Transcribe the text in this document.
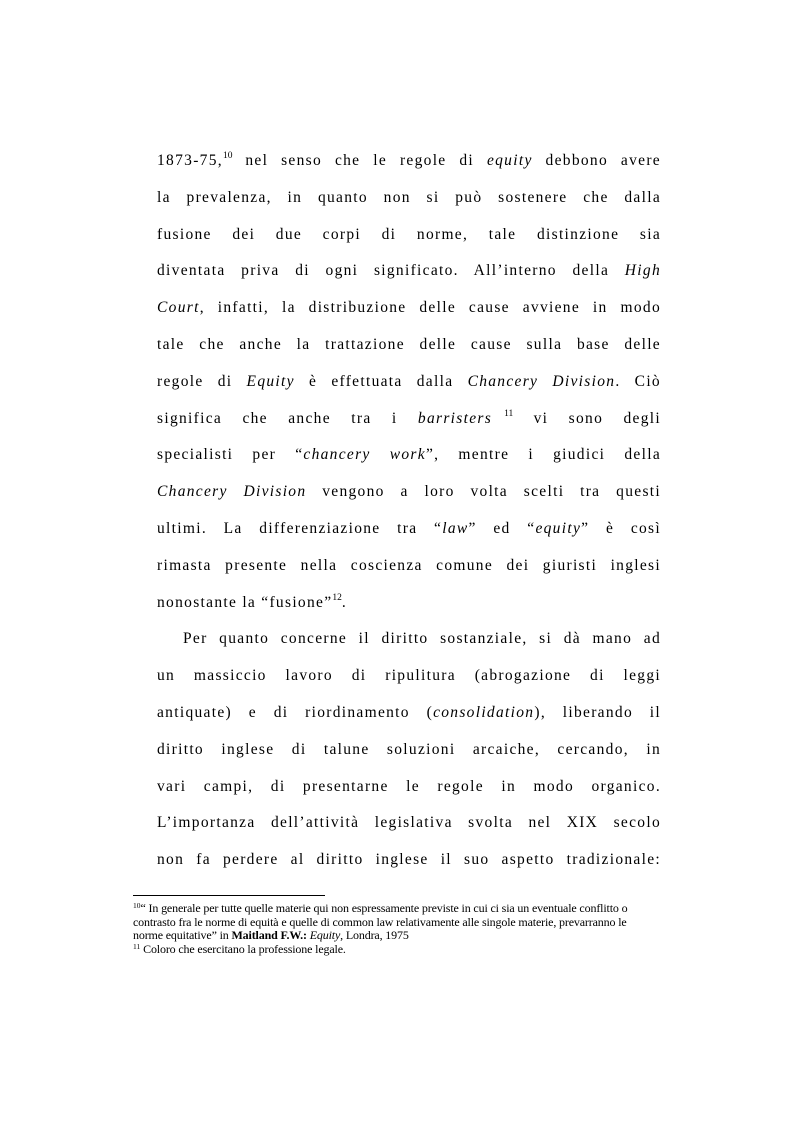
1873-75,10 nel senso che le regole di equity debbono avere
la prevalenza, in quanto non si può sostenere che dalla
fusione dei due corpi di norme, tale distinzione sia
diventata priva di ogni significato. All’interno della High
Court, infatti, la distribuzione delle cause avviene in modo
tale che anche la trattazione delle cause sulla base delle
regole di Equity è effettuata dalla Chancery Division. Ciò
significa che anche tra i barristers $^{11}$ vi sono degli
specialisti per “chancery work”, mentre i giudici della
Chancery Division vengono a loro volta scelti tra questi
ultimi. La differenziazione tra “law” ed “equity” è così
rimasta presente nella coscienza comune dei giuristi inglesi
nonostante la “fusione”$^{12}$.
Per quanto concerne il diritto sostanziale, si dà mano ad
un massiccio lavoro di ripulitura (abrogazione di leggi
antiquate) e di riordinamento (consolidation), liberando il
diritto inglese di talune soluzioni arcaiche, cercando, in
vari campi, di presentarne le regole in modo organico.
L’importanza dell’attività legislativa svolta nel XIX secolo
non fa perdere al diritto inglese il suo aspetto tradizionale:

$^{10}$“ In generale per tutte quelle materie qui non espressamente previste in cui ci sia un eventuale conflitto o contrasto fra le norme di equità e quelle di common law relativamente alle singole materie, prevarranno le norme equitative” in Maitland F.W.: Equity, Londra, 1975

$^{11}$ Coloro che esercitano la professione legale.
